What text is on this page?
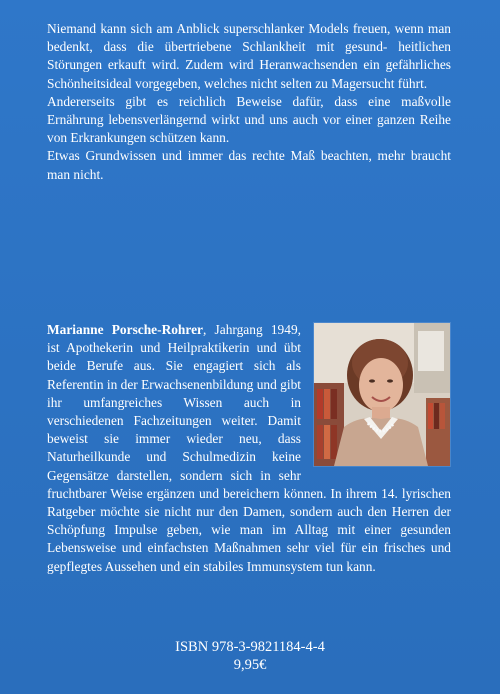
Niemand kann sich am Anblick superschlanker Models freuen, wenn man bedenkt, dass die übertriebene Schlankheit mit gesund- heitlichen Störungen erkauft wird. Zudem wird Heranwachsenden ein gefährliches Schönheitsideal vorgegeben, welches nicht selten zu Magersucht führt.

Andererseits gibt es reichlich Beweise dafür, dass eine maßvolle Ernährung lebensverlängernd wirkt und uns auch vor einer ganzen Reihe von Erkrankungen schützen kann.

Etwas Grundwissen und immer das rechte Maß beachten, mehr braucht man nicht.

Marianne Porsche-Rohrer, Jahrgang 1949, ist Apothekerin und Heilpraktikerin und übt beide Berufe aus. Sie engagiert sich als Referentin in der Erwachsenenbildung und gibt ihr umfangreiches Wissen auch in verschiedenen Fachzeitungen weiter. Damit beweist sie immer wieder neu, dass Naturheilkunde und Schulmedizin keine Gegensätze darstellen, sondern sich in sehr fruchtbarer Weise ergänzen und bereichern können. In ihrem 14. lyrischen Ratgeber möchte sie nicht nur den Damen, sondern auch den Herren der Schöpfung Impulse geben, wie man im Alltag mit einer gesunden Lebensweise und einfachsten Maßnahmen sehr viel für ein frisches und gepflegtes Aussehen und ein stabiles Immunsystem tun kann.

ISBN 978-3-9821184-4-4
9,95€
